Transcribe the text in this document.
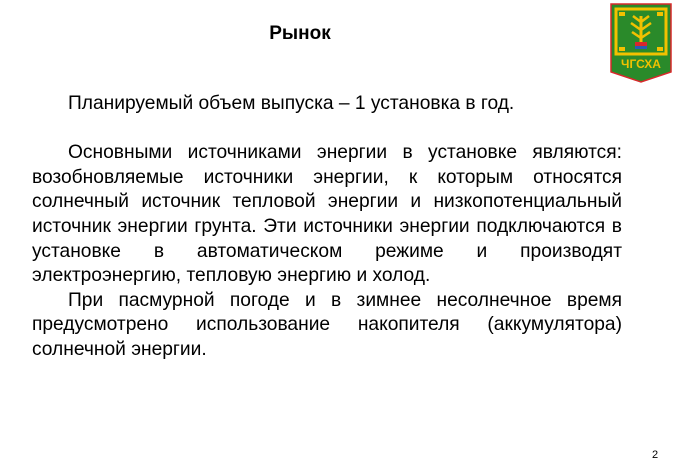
Рынок
ЧГСХА

Планируемый объем выпуска – 1 установка в год.

Основными источниками энергии в установке являются: возобновляемые источники энергии, к которым относятся солнечный источник тепловой энергии и низкопотенциальный источник энергии грунта. Эти источники энергии подключаются в установке в автоматическом режиме и производят электроэнергию, тепловую энергию и холод.

При пасмурной погоде и в зимнее несолнечное время предусмотрено использование накопителя (аккумулятора) солнечной энергии.

2
